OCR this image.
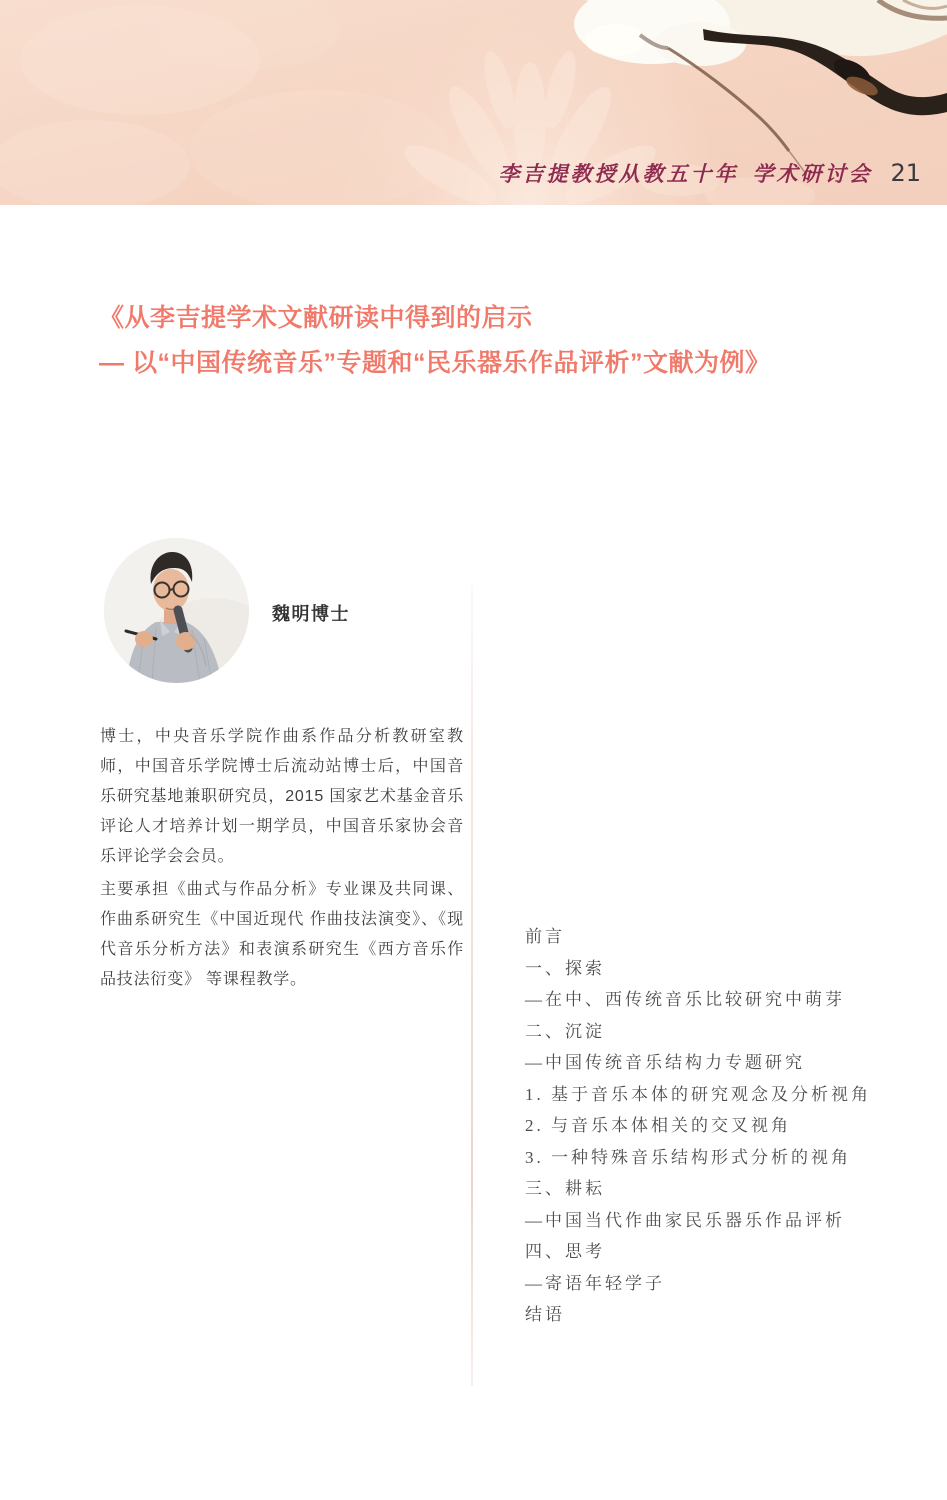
李吉提教授从教五十年 学术研讨会 21
《从李吉提学术文献研读中得到的启示
— 以“中国传统音乐”专题和“民乐器乐作品评析”文献为例》
魏明博士

博士，中央音乐学院作曲系作品分析教研室教师，中国音乐学院博士后流动站博士后，中国音乐研究基地兼职研究员，2015 国家艺术基金音乐评论人才培养计划一期学员，中国音乐家协会音乐评论学会会员。

主要承担《曲式与作品分析》专业课及共同课、作曲系研究生《中国近现代 作曲技法演变》、《现代音乐分析方法》和表演系研究生《西方音乐作品技法衍变》 等课程教学。

前言
一、探索
—在中、西传统音乐比较研究中萌芽
二、沉淀
—中国传统音乐结构力专题研究
1. 基于音乐本体的研究观念及分析视角
2. 与音乐本体相关的交叉视角
3. 一种特殊音乐结构形式分析的视角
三、耕耘
—中国当代作曲家民乐器乐作品评析
四、思考
—寄语年轻学子
结语
